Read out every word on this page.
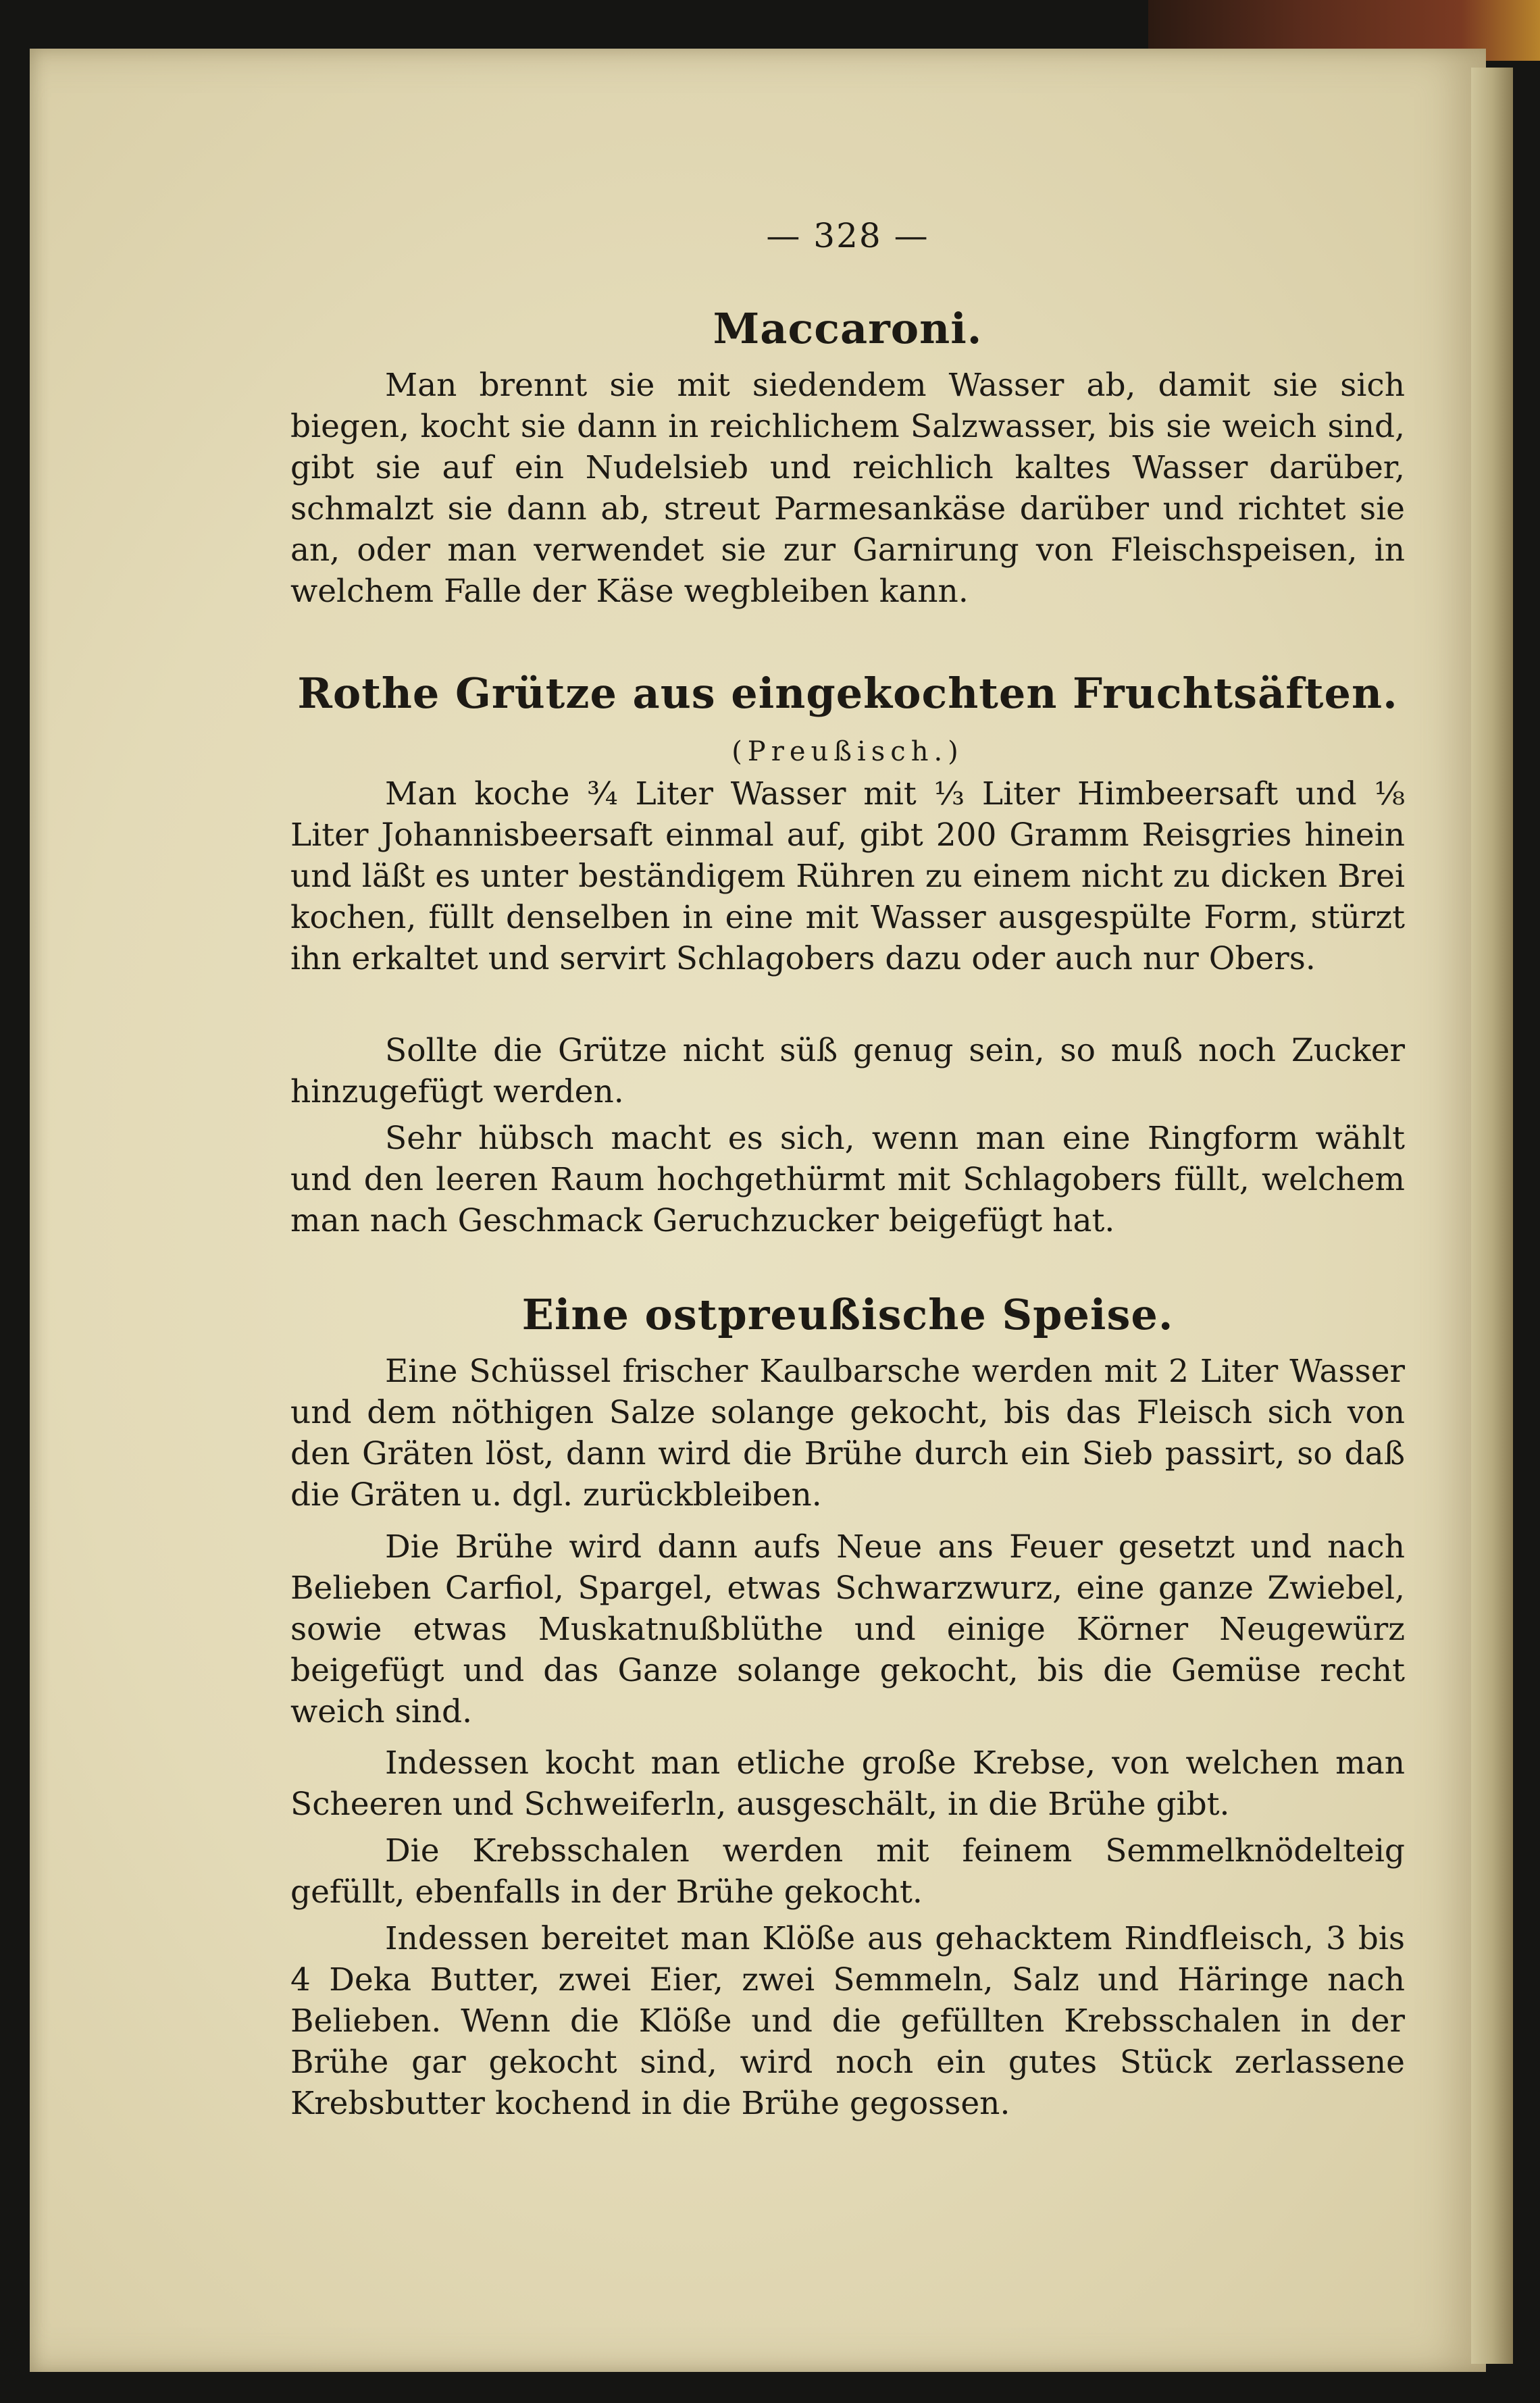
— 328 —
Maccaroni.

Man brennt sie mit siedendem Wasser ab, damit sie sich biegen, kocht sie dann in reichlichem Salzwasser, bis sie weich sind, gibt sie auf ein Nudelsieb und reichlich kaltes Wasser darüber, schmalzt sie dann ab, streut Parmesankäse darüber und richtet sie an, oder man verwendet sie zur Garnirung von Fleischspeisen, in welchem Falle der Käse wegbleiben kann.

Rothe Grütze aus eingekochten Fruchtsäften.
(Preußisch.)

Man koche ¾ Liter Wasser mit ⅓ Liter Himbeersaft und ⅛ Liter Johannisbeersaft einmal auf, gibt 200 Gramm Reisgries hinein und läßt es unter beständigem Rühren zu einem nicht zu dicken Brei kochen, füllt denselben in eine mit Wasser ausgespülte Form, stürzt ihn erkaltet und servirt Schlagobers dazu oder auch nur Obers.

Sollte die Grütze nicht süß genug sein, so muß noch Zucker hinzugefügt werden.

Sehr hübsch macht es sich, wenn man eine Ringform wählt und den leeren Raum hochgethürmt mit Schlagobers füllt, welchem man nach Geschmack Geruchzucker beigefügt hat.

Eine ostpreußische Speise.

Eine Schüssel frischer Kaulbarsche werden mit 2 Liter Wasser und dem nöthigen Salze solange gekocht, bis das Fleisch sich von den Gräten löst, dann wird die Brühe durch ein Sieb passirt, so daß die Gräten u. dgl. zurückbleiben.

Die Brühe wird dann aufs Neue ans Feuer gesetzt und nach Belieben Carfiol, Spargel, etwas Schwarzwurz, eine ganze Zwiebel, sowie etwas Muskatnußblüthe und einige Körner Neugewürz beigefügt und das Ganze solange gekocht, bis die Gemüse recht weich sind.

Indessen kocht man etliche große Krebse, von welchen man Scheeren und Schweiferln, ausgeschält, in die Brühe gibt.

Die Krebsschalen werden mit feinem Semmelknödelteig gefüllt, ebenfalls in der Brühe gekocht.

Indessen bereitet man Klöße aus gehacktem Rindfleisch, 3 bis 4 Deka Butter, zwei Eier, zwei Semmeln, Salz und Häringe nach Belieben. Wenn die Klöße und die gefüllten Krebsschalen in der Brühe gar gekocht sind, wird noch ein gutes Stück zerlassene Krebsbutter kochend in die Brühe gegossen.
